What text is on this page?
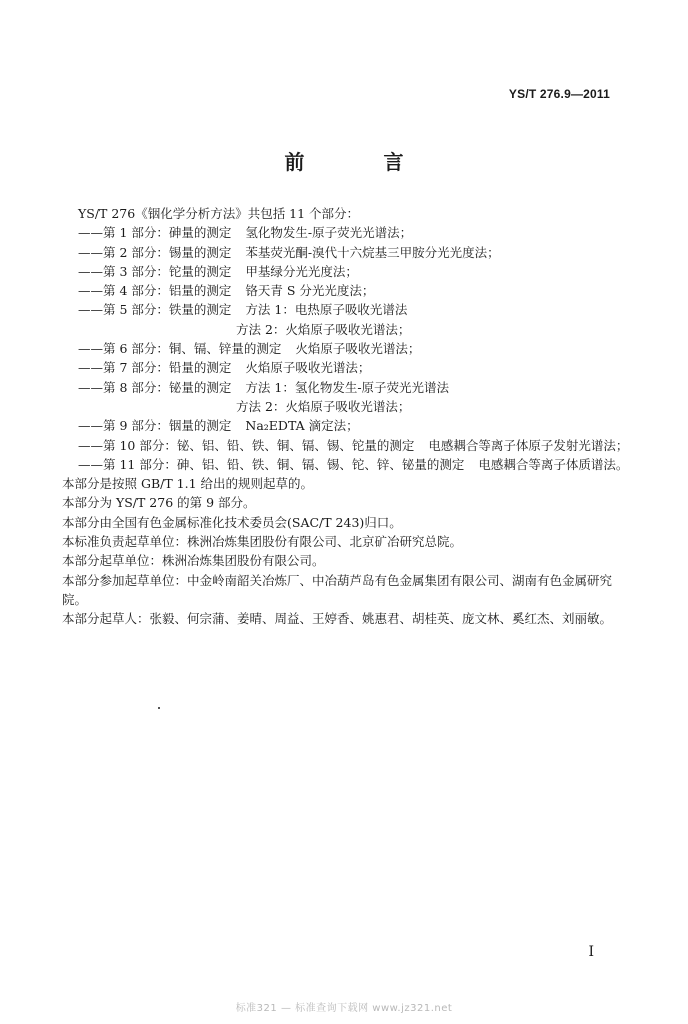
YS/T 276.9—2011
前 言
YS/T 276《铟化学分析方法》共包括 11 个部分：
——第 1 部分：砷量的测定 氢化物发生-原子荧光光谱法；
——第 2 部分：锡量的测定 苯基荧光酮-溴代十六烷基三甲胺分光光度法；
——第 3 部分：铊量的测定 甲基绿分光光度法；
——第 4 部分：铝量的测定 铬天青 S 分光光度法；
——第 5 部分：铁量的测定 方法 1：电热原子吸收光谱法
方法 2：火焰原子吸收光谱法；
——第 6 部分：铜、镉、锌量的测定 火焰原子吸收光谱法；
——第 7 部分：铅量的测定 火焰原子吸收光谱法；
——第 8 部分：铋量的测定 方法 1：氢化物发生-原子荧光光谱法
方法 2：火焰原子吸收光谱法；
——第 9 部分：铟量的测定 Na₂EDTA 滴定法；
——第 10 部分：铋、铝、铅、铁、铜、镉、锡、铊量的测定 电感耦合等离子体原子发射光谱法；
——第 11 部分：砷、铝、铅、铁、铜、镉、锡、铊、锌、铋量的测定 电感耦合等离子体质谱法。
本部分是按照 GB/T 1.1 给出的规则起草的。
本部分为 YS/T 276 的第 9 部分。
本部分由全国有色金属标准化技术委员会(SAC/T 243)归口。
本标准负责起草单位：株洲冶炼集团股份有限公司、北京矿冶研究总院。
本部分起草单位：株洲冶炼集团股份有限公司。
本部分参加起草单位：中金岭南韶关冶炼厂、中冶葫芦岛有色金属集团有限公司、湖南有色金属研究院。
本部分起草人：张毅、何宗蒲、姜晴、周益、王婷香、姚惠君、胡桂英、庞文林、奚红杰、刘丽敏。
I
标准321 — 标准查询下载网 www.jz321.net
